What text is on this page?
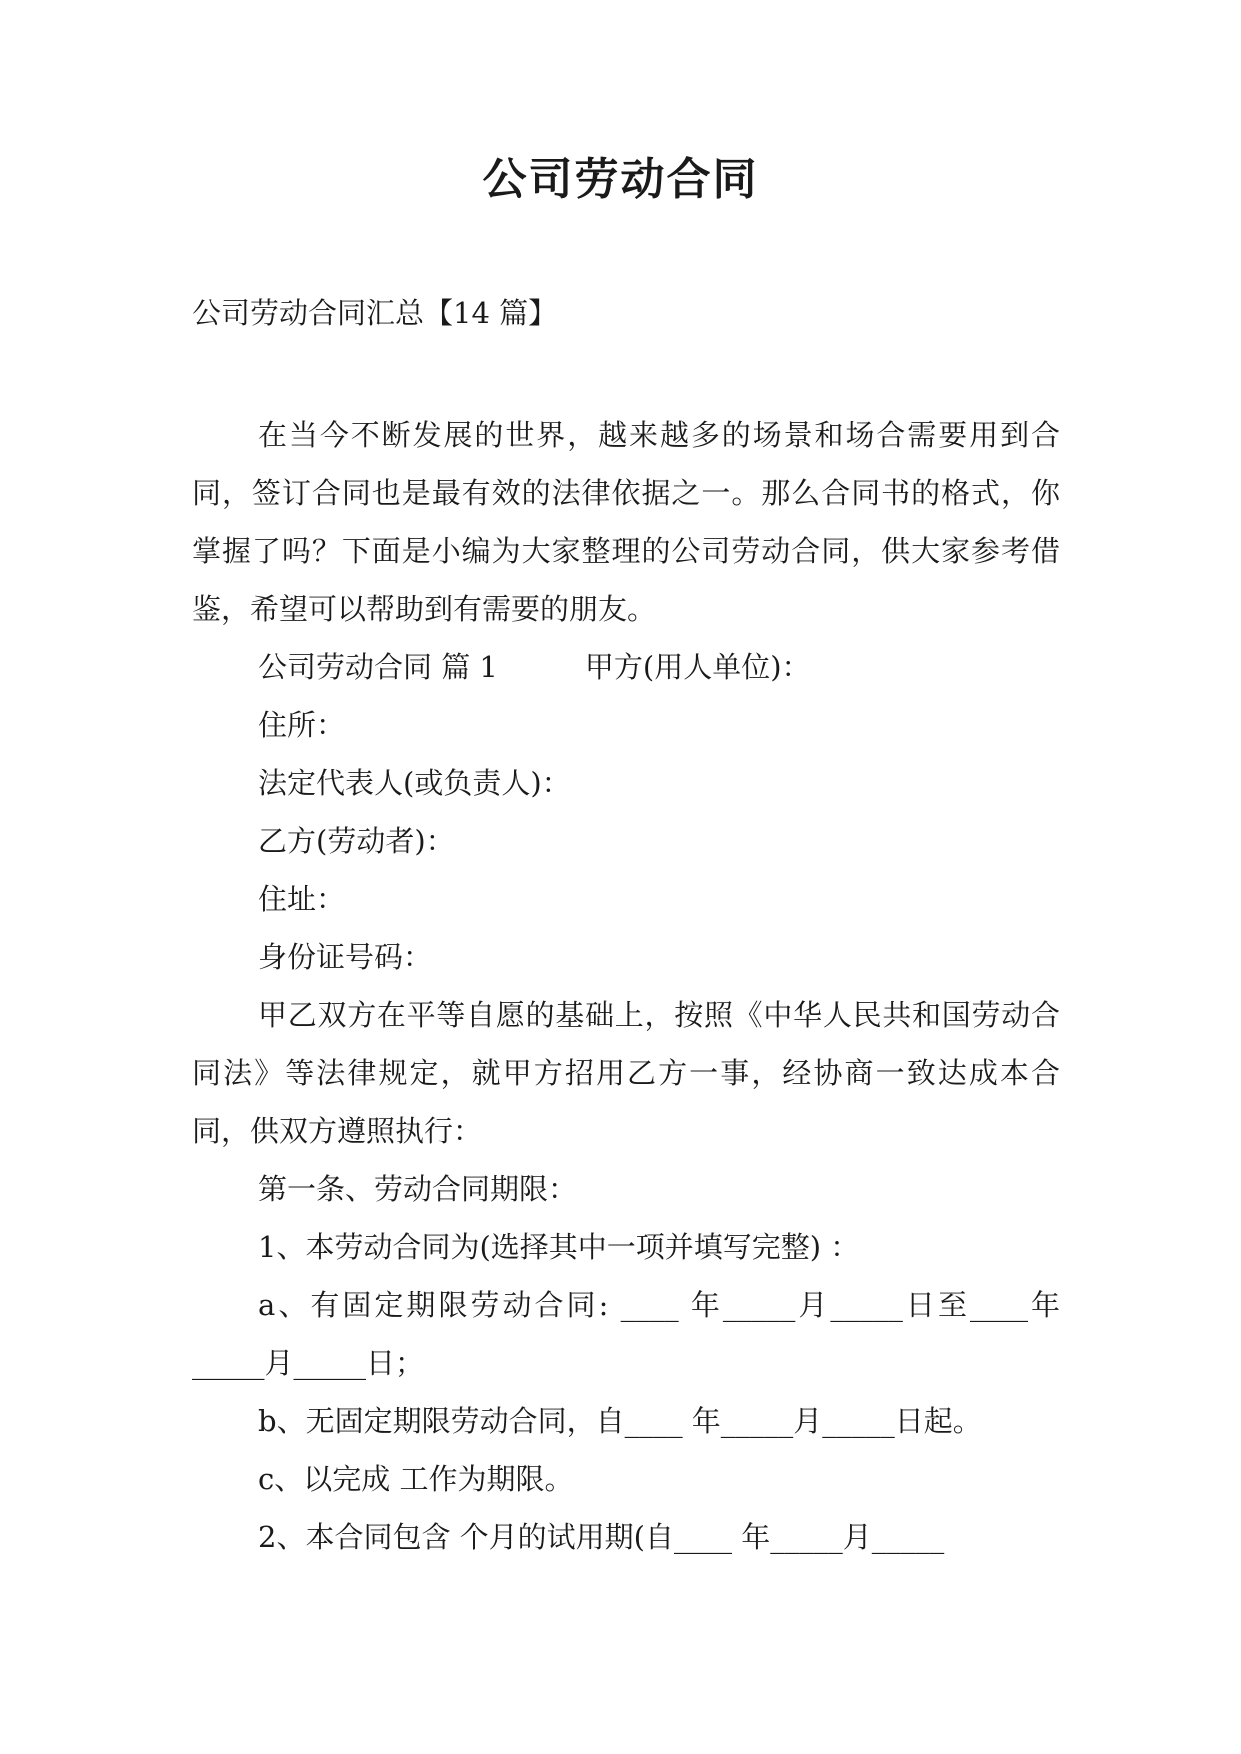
公司劳动合同
公司劳动合同汇总【14 篇】

在当今不断发展的世界，越来越多的场景和场合需要用到合同，签订合同也是最有效的法律依据之一。那么合同书的格式，你掌握了吗？下面是小编为大家整理的公司劳动合同，供大家参考借鉴，希望可以帮助到有需要的朋友。

公司劳动合同 篇 1　　　甲方(用人单位)：

住所：

法定代表人(或负责人)：

乙方(劳动者)：

住址：

身份证号码：

甲乙双方在平等自愿的基础上，按照《中华人民共和国劳动合同法》等法律规定，就甲方招用乙方一事，经协商一致达成本合同，供双方遵照执行：

第一条、劳动合同期限：

1、本劳动合同为(选择其中一项并填写完整) ：

a、有固定期限劳动合同: ____ 年_____月_____日至____年_____月_____日；

b、无固定期限劳动合同，自____ 年_____月_____日起。

c、以完成 工作为期限。

2、本合同包含 个月的试用期(自____ 年_____月_____
